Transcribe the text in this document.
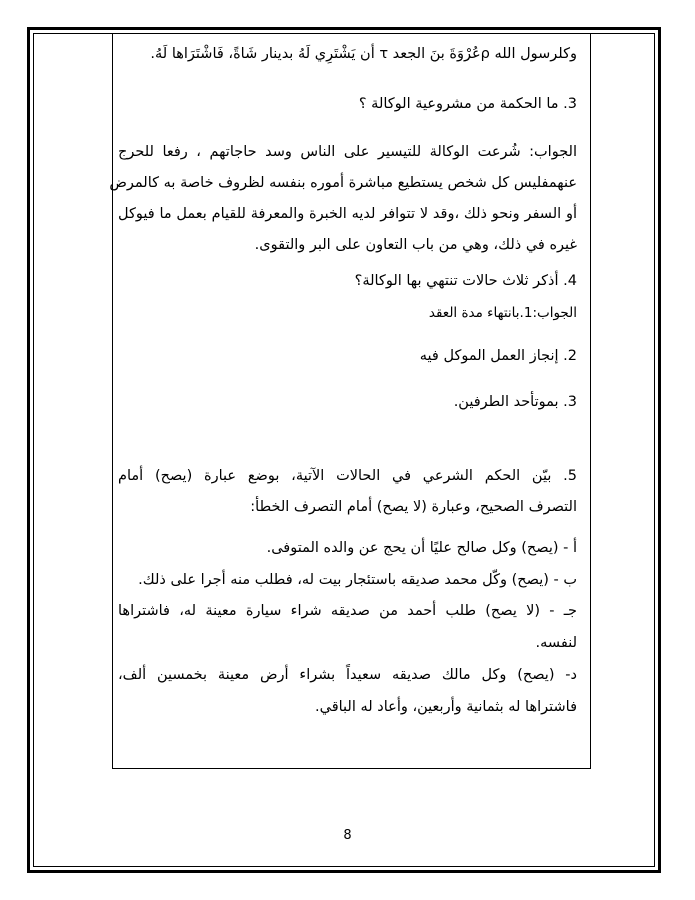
وكلرسول الله ρعُرْوَةَ بنَ الجعد τ أن يَشْتَرِي لَهُ بدينار شَاةً، فَاشْتَرَاها لَهُ.
3. ما الحكمة من مشروعية الوكالة ؟
الجواب: شُرعت الوكالة للتيسير على الناس وسد حاجاتهم ، رفعا للحرج
عنهمفليس كل شخص يستطيع مباشرة أموره بنفسه لظروف خاصة به كالمرض
أو السفر ونحو ذلك ،وقد لا تتوافر لديه الخبرة والمعرفة للقيام بعمل ما فيوكل
غيره في ذلك، وهي من باب التعاون على البر والتقوى.
4. أذكر ثلاث حالات تنتهي بها الوكالة؟
الجواب:1.بانتهاء مدة العقد
2. إنجاز العمل الموكل فيه
3. بموتأحد الطرفين.
5. بيّن الحكم الشرعي في الحالات الآتية، بوضع عبارة (يصح) أمام
التصرف الصحيح، وعبارة (لا يصح) أمام التصرف الخطأ:
أ - (يصح) وكل صالح عليًا أن يحج عن والده المتوفى.
ب - (يصح) وكّل محمد صديقه باستئجار بيت له، فطلب منه أجرا على ذلك.
جـ - (لا يصح) طلب أحمد من صديقه شراء سيارة معينة له، فاشتراها
لنفسه.
د- (يصح) وكل مالك صديقه سعيداً بشراء أرض معينة بخمسين ألف،
فاشتراها له بثمانية وأربعين، وأعاد له الباقي.
8
